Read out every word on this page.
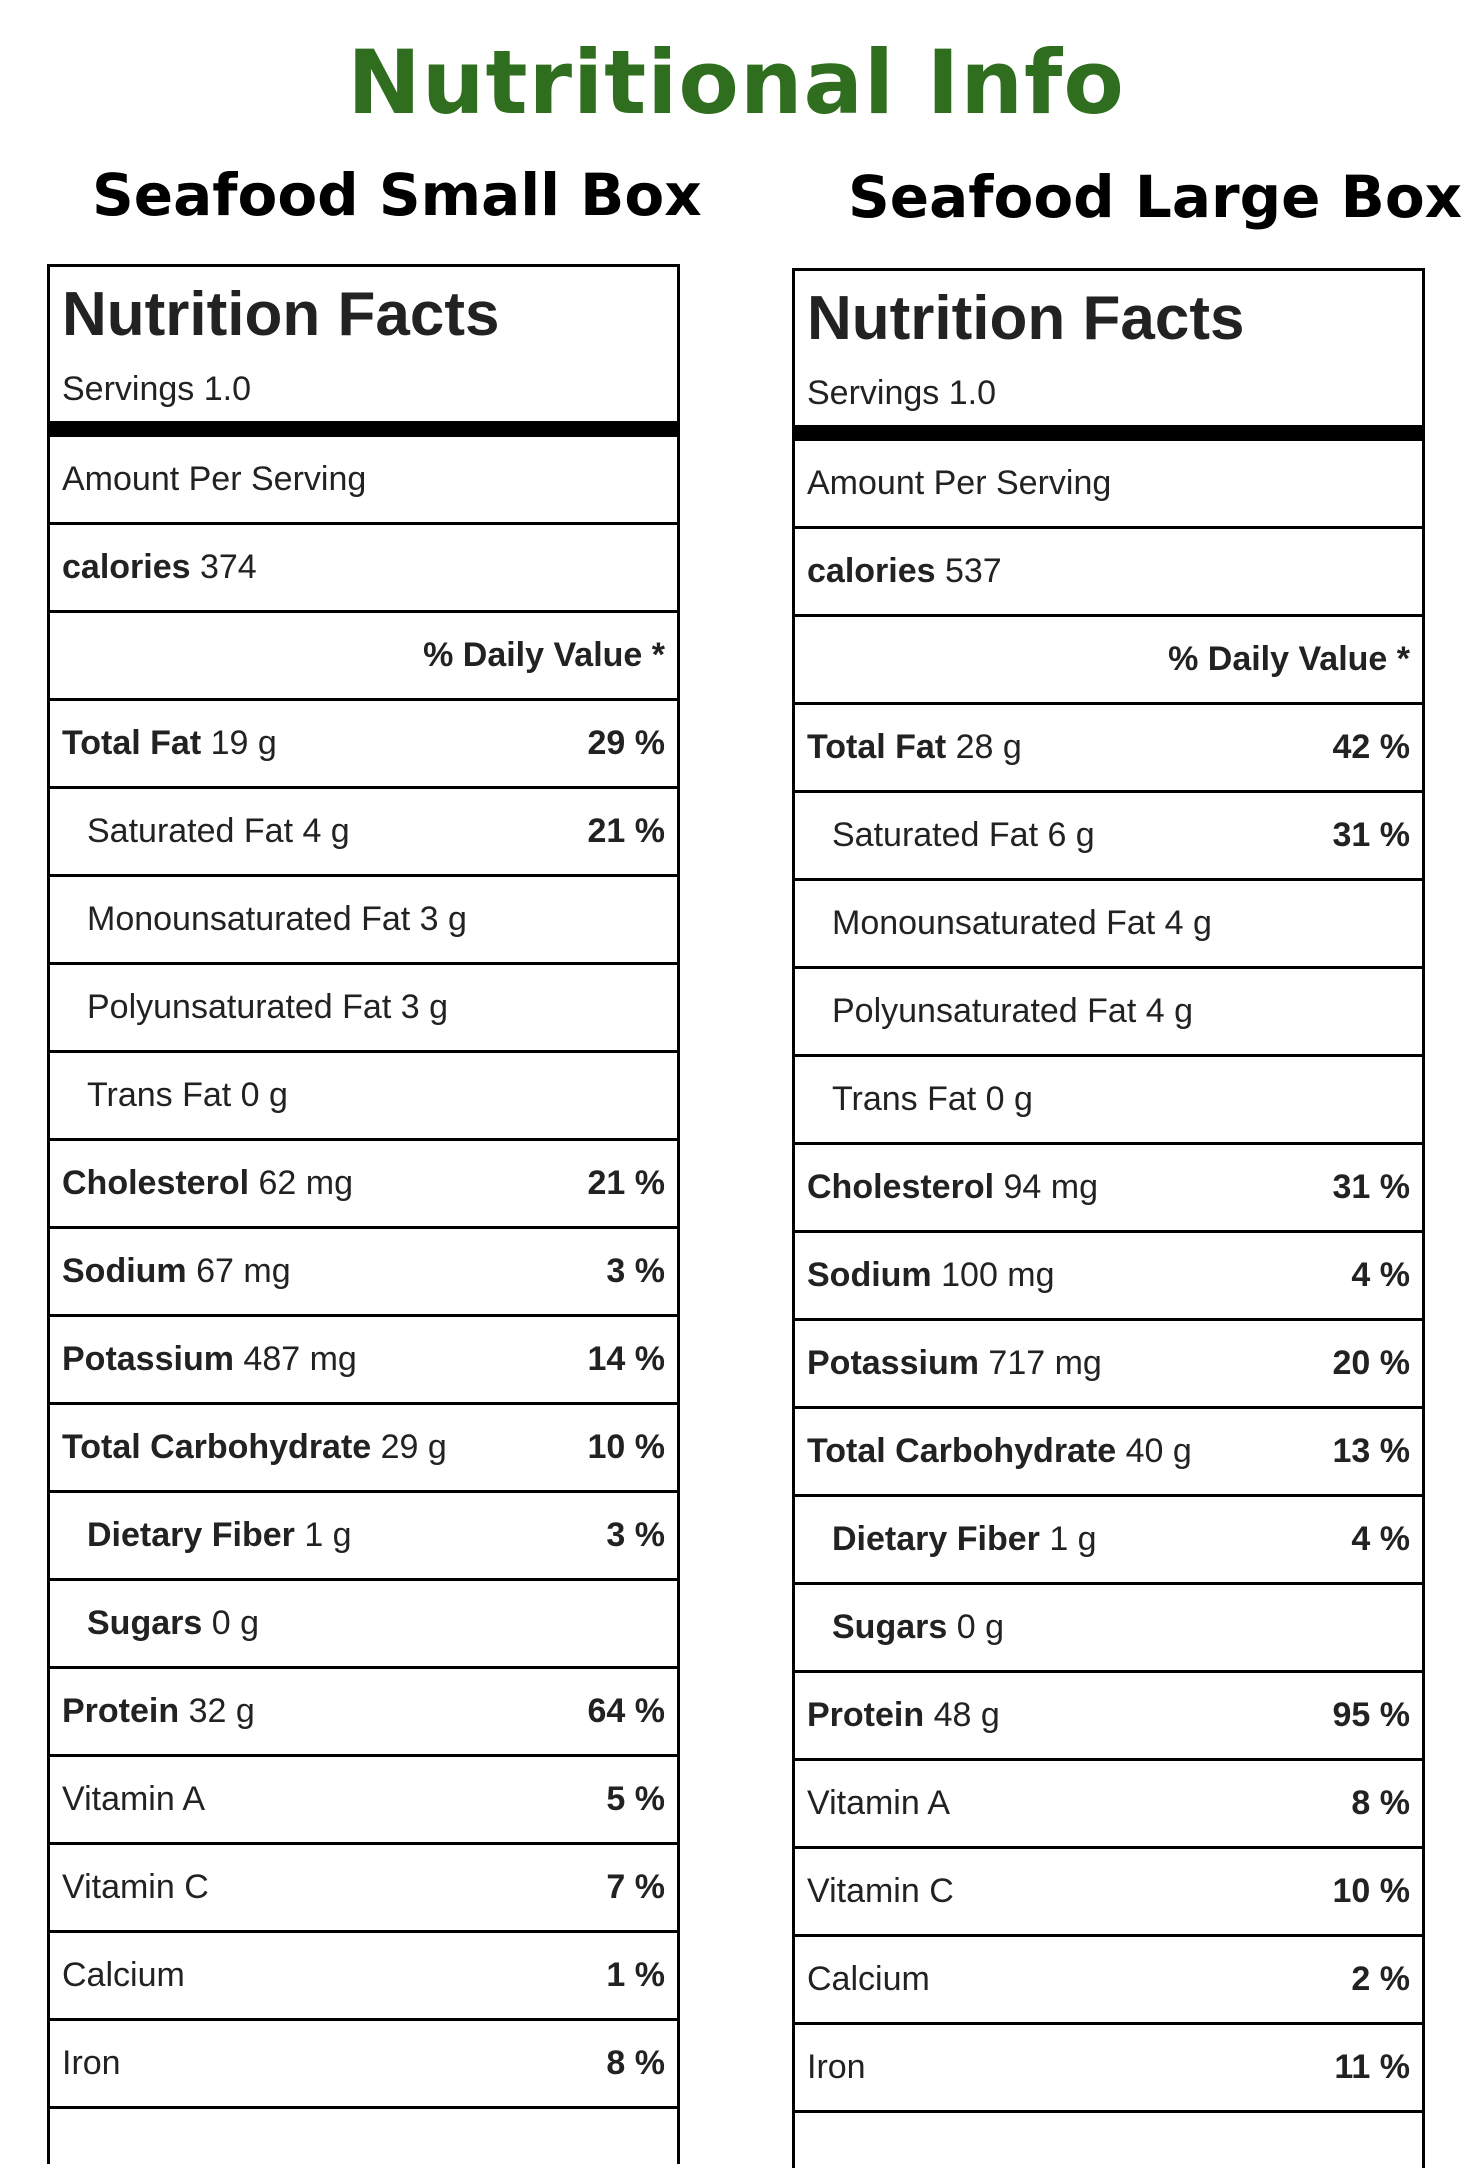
Nutritional Info
Seafood Small Box	Seafood Large Box
Nutrition Facts
Servings 1.0
Amount Per Serving
calories 374
% Daily Value *
Total Fat 19 g	29 %
Saturated Fat 4 g	21 %
Monounsaturated Fat 3 g
Polyunsaturated Fat 3 g
Trans Fat 0 g
Cholesterol 62 mg	21 %
Sodium 67 mg	3 %
Potassium 487 mg	14 %
Total Carbohydrate 29 g	10 %
Dietary Fiber 1 g	3 %
Sugars 0 g
Protein 32 g	64 %
Vitamin A	5 %
Vitamin C	7 %
Calcium	1 %
Iron	8 %
Nutrition Facts
Servings 1.0
Amount Per Serving
calories 537
% Daily Value *
Total Fat 28 g	42 %
Saturated Fat 6 g	31 %
Monounsaturated Fat 4 g
Polyunsaturated Fat 4 g
Trans Fat 0 g
Cholesterol 94 mg	31 %
Sodium 100 mg	4 %
Potassium 717 mg	20 %
Total Carbohydrate 40 g	13 %
Dietary Fiber 1 g	4 %
Sugars 0 g
Protein 48 g	95 %
Vitamin A	8 %
Vitamin C	10 %
Calcium	2 %
Iron	11 %
